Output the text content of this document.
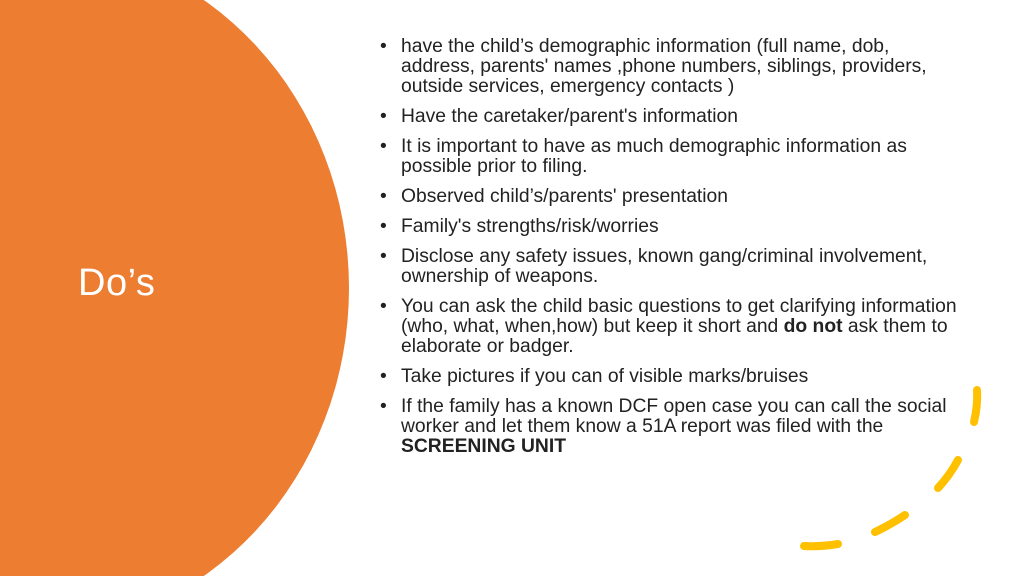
Do’s
• have the child’s demographic information (full name, dob, address, parents' names ,phone numbers, siblings, providers, outside services, emergency contacts )
• Have the caretaker/parent's information
• It is important to have as much demographic information as possible prior to filing.
• Observed child’s/parents' presentation
• Family's strengths/risk/worries
• Disclose any safety issues, known gang/criminal involvement, ownership of weapons.
• You can ask the child basic questions to get clarifying information (who, what, when,how) but keep it short and do not ask them to elaborate or badger.
• Take pictures if you can of visible marks/bruises
• If the family has a known DCF open case you can call the social worker and let them know a 51A report was filed with the SCREENING UNIT
